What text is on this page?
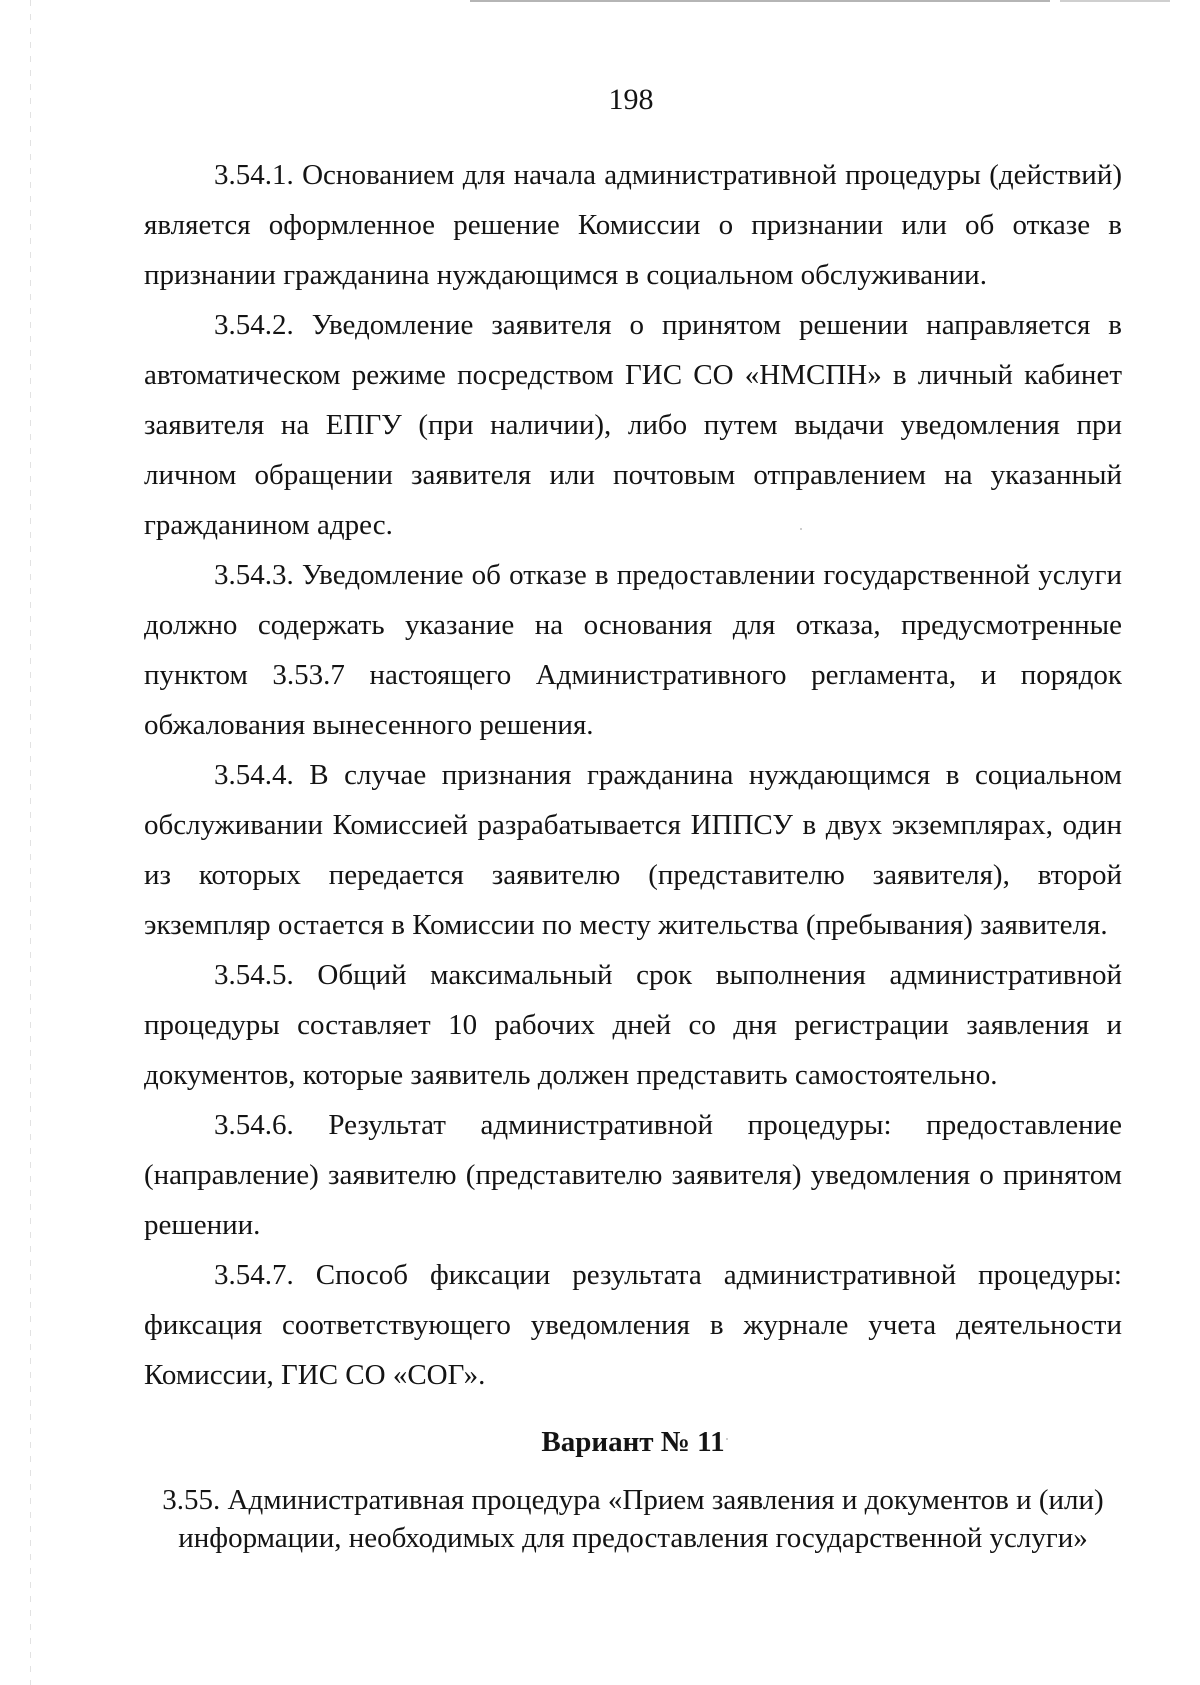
198

3.54.1. Основанием для начала административной процедуры (действий) является оформленное решение Комиссии о признании или об отказе в признании гражданина нуждающимся в социальном обслуживании.

3.54.2. Уведомление заявителя о принятом решении направляется в автоматическом режиме посредством ГИС СО «НМСПН» в личный кабинет заявителя на ЕПГУ (при наличии), либо путем выдачи уведомления при личном обращении заявителя или почтовым отправлением на указанный гражданином адрес.

3.54.3. Уведомление об отказе в предоставлении государственной услуги должно содержать указание на основания для отказа, предусмотренные пунктом 3.53.7 настоящего Административного регламента, и порядок обжалования вынесенного решения.

3.54.4. В случае признания гражданина нуждающимся в социальном обслуживании Комиссией разрабатывается ИППСУ в двух экземплярах, один из которых передается заявителю (представителю заявителя), второй экземпляр остается в Комиссии по месту жительства (пребывания) заявителя.

3.54.5. Общий максимальный срок выполнения административной процедуры составляет 10 рабочих дней со дня регистрации заявления и документов, которые заявитель должен представить самостоятельно.

3.54.6. Результат административной процедуры: предоставление (направление) заявителю (представителю заявителя) уведомления о принятом решении.

3.54.7. Способ фиксации результата административной процедуры: фиксация соответствующего уведомления в журнале учета деятельности Комиссии, ГИС СО «СОГ».

Вариант № 11

3.55. Административная процедура «Прием заявления и документов и (или)

информации, необходимых для предоставления государственной услуги»
